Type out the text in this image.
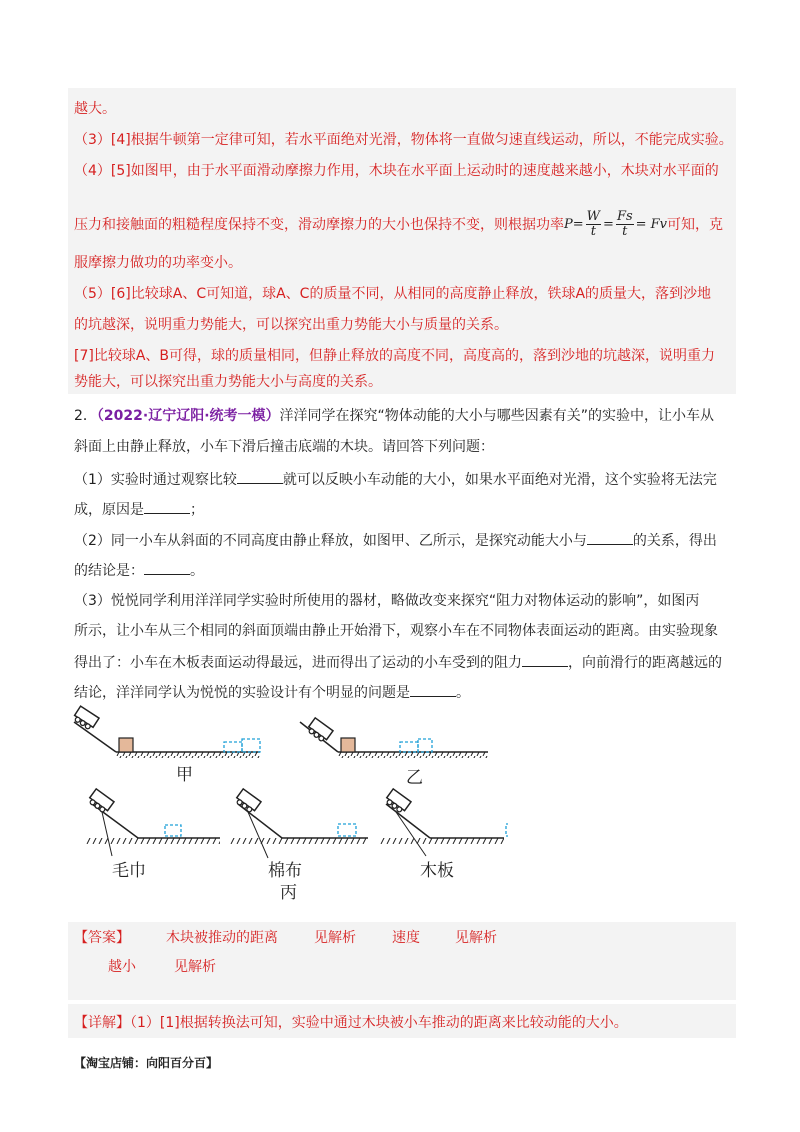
越大。
（3）[4]根据牛顿第一定律可知，若水平面绝对光滑，物体将一直做匀速直线运动，所以，不能完成实验。
（4）[5]如图甲，由于水平面滑动摩擦力作用，木块在水平面上运动时的速度越来越小，木块对水平面的
压力和接触面的粗糙程度保持不变，滑动摩擦力的大小也保持不变，则根据功率$P= \frac{W}{t} = \frac{Fs}{t} = Fv$可知，克
服摩擦力做功的功率变小。
（5）[6]比较球A、C可知道，球A、C的质量不同，从相同的高度静止释放，铁球A的质量大，落到沙地
的坑越深，说明重力势能大，可以探究出重力势能大小与质量的关系。
[7]比较球A、B可得，球的质量相同，但静止释放的高度不同，高度高的，落到沙地的坑越深，说明重力
势能大，可以探究出重力势能大小与高度的关系。
2．（2022·辽宁辽阳·统考一模）洋洋同学在探究“物体动能的大小与哪些因素有关”的实验中，让小车从
斜面上由静止释放，小车下滑后撞击底端的木块。请回答下列问题：
（1）实验时通过观察比较	就可以反映小车动能的大小，如果水平面绝对光滑，这个实验将无法完
成，原因是	；
（2）同一小车从斜面的不同高度由静止释放，如图甲、乙所示，是探究动能大小与	的关系，得出
的结论是：	。
（3）悦悦同学利用洋洋同学实验时所使用的器材，略做改变来探究“阻力对物体运动的影响”，如图丙
所示，让小车从三个相同的斜面顶端由静止开始滑下，观察小车在不同物体表面运动的距离。由实验现象
得出了：小车在木板表面运动得最远，进而得出了运动的小车受到的阻力	，向前滑行的距离越远的
结论，洋洋同学认为悦悦的实验设计有个明显的问题是	。
甲	乙
毛巾	棉布
丙
木板
【答案】	木块被推动的距离	见解析	速度	见解析
越小	见解析
【详解】（1）[1]根据转换法可知，实验中通过木块被小车推动的距离来比较动能的大小。
【淘宝店铺：向阳百分百】
